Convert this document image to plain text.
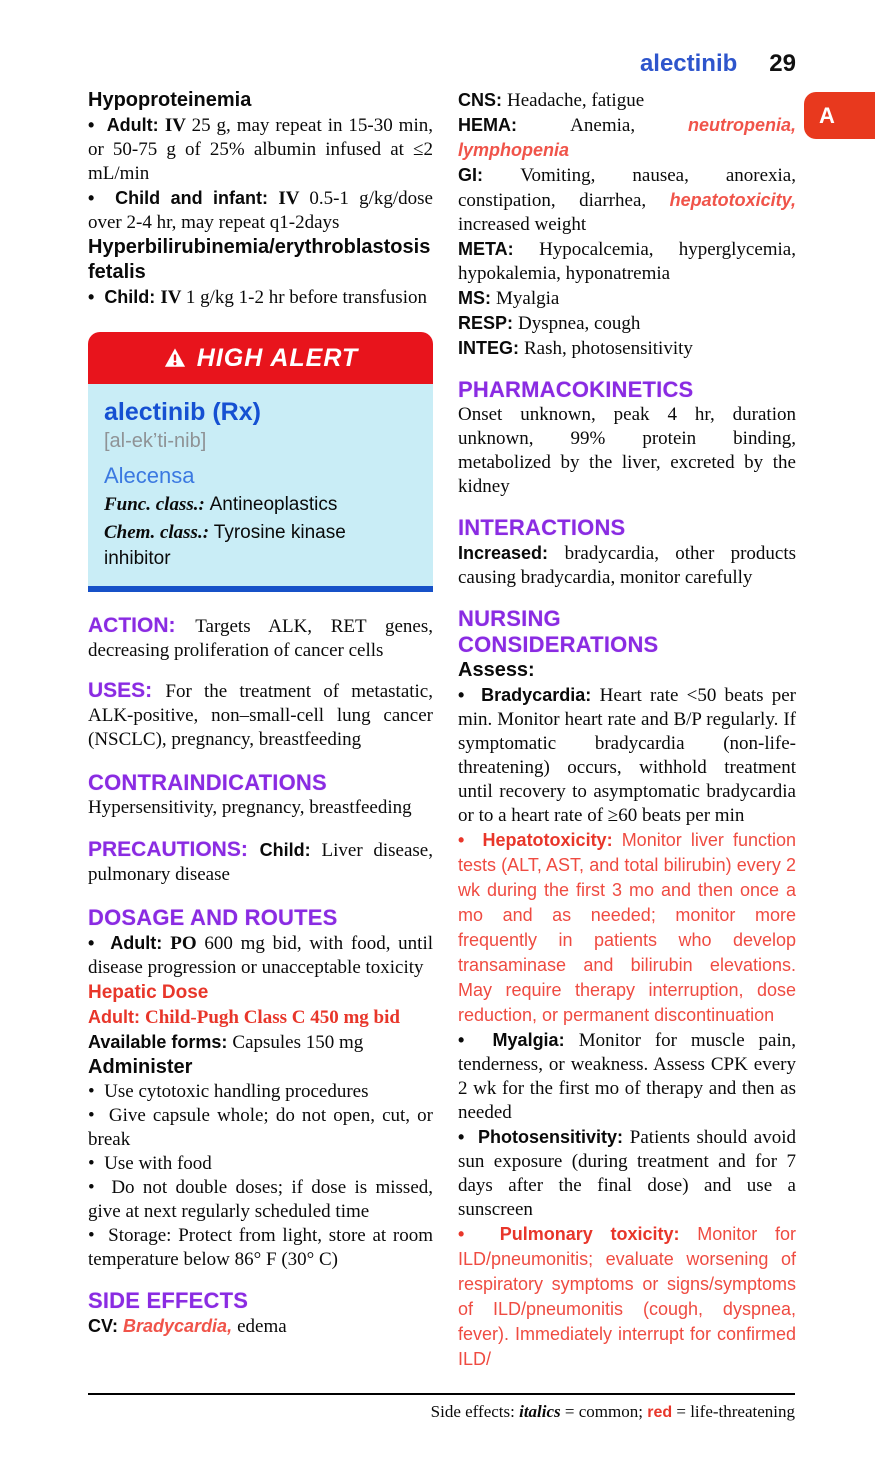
alectinib 29
A
Hypoproteinemia

•  Adult: IV 25 g, may repeat in 15-30 min, or 50-75 g of 25% albumin infused at ≤2 mL/min

•  Child and infant: IV 0.5-1 g/kg/dose over 2-4 hr, may repeat q1-2days

Hyperbilirubinemia/erythroblastosis fetalis

•  Child: IV 1 g/kg 1-2 hr before transfusion

HIGH ALERT
alectinib (Rx)
[al-ek’ti-nib]
Alecensa
Func. class.: Antineoplastics
Chem. class.: Tyrosine kinase inhibitor

ACTION: Targets ALK, RET genes, decreasing proliferation of cancer cells

USES: For the treatment of metastatic, ALK-positive, non–small-cell lung cancer (NSCLC), pregnancy, breastfeeding

CONTRAINDICATIONS

Hypersensitivity, pregnancy, breastfeeding

PRECAUTIONS: Child: Liver disease, pulmonary disease

DOSAGE AND ROUTES

•  Adult: PO 600 mg bid, with food, until disease progression or unacceptable toxicity

Hepatic Dose

Adult: Child-Pugh Class C 450 mg bid

Available forms: Capsules 150 mg

Administer

•  Use cytotoxic handling procedures

•  Give capsule whole; do not open, cut, or break

•  Use with food

•  Do not double doses; if dose is missed, give at next regularly scheduled time

•  Storage: Protect from light, store at room temperature below 86° F (30° C)

SIDE EFFECTS

CV: Bradycardia, edema

CNS: Headache, fatigue

HEMA: Anemia, neutropenia, lymphopenia

GI: Vomiting, nausea, anorexia, constipation, diarrhea, hepatotoxicity, increased weight

META: Hypocalcemia, hyperglycemia, hypokalemia, hyponatremia

MS: Myalgia

RESP: Dyspnea, cough

INTEG: Rash, photosensitivity

PHARMACOKINETICS

Onset unknown, peak 4 hr, duration unknown, 99% protein binding, metabolized by the liver, excreted by the kidney

INTERACTIONS

Increased: bradycardia, other products causing bradycardia, monitor carefully

NURSING CONSIDERATIONS
Assess:

•  Bradycardia: Heart rate <50 beats per min. Monitor heart rate and B/P regularly. If symptomatic bradycardia (non-life-threatening) occurs, withhold treatment until recovery to asymptomatic bradycardia or to a heart rate of ≥60 beats per min

•  Hepatotoxicity: Monitor liver function tests (ALT, AST, and total bilirubin) every 2 wk during the first 3 mo and then once a mo and as needed; monitor more frequently in patients who develop transaminase and bilirubin elevations. May require therapy interruption, dose reduction, or permanent discontinuation

•  Myalgia: Monitor for muscle pain, tenderness, or weakness. Assess CPK every 2 wk for the first mo of therapy and then as needed

•  Photosensitivity: Patients should avoid sun exposure (during treatment and for 7 days after the final dose) and use a sunscreen

•  Pulmonary toxicity: Monitor for ILD/pneumonitis; evaluate worsening of respiratory symptoms or signs/symptoms of ILD/pneumonitis (cough, dyspnea, fever). Immediately interrupt for confirmed ILD/

Side effects: italics = common; red = life-threatening
